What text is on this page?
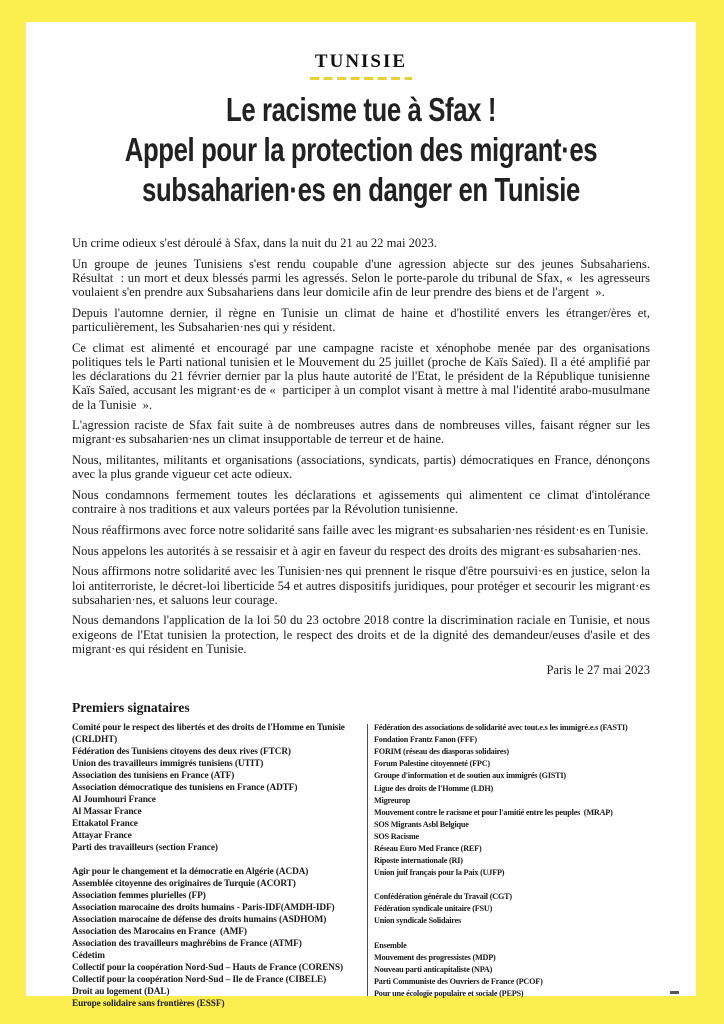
TUNISIE
Le racisme tue à Sfax !
Appel pour la protection des migrant·es
subsaharien·es en danger en Tunisie
Un crime odieux s'est déroulé à Sfax, dans la nuit du 21 au 22 mai 2023.
Un groupe de jeunes Tunisiens s'est rendu coupable d'une agression abjecte sur des jeunes Subsahariens. Résultat  : un mort et deux blessés parmi les agressés. Selon le porte-parole du tribunal de Sfax, «  les agresseurs voulaient s'en prendre aux Subsahariens dans leur domicile afin de leur prendre des biens et de l'argent  ».
Depuis l'automne dernier, il règne en Tunisie un climat de haine et d'hostilité envers les étranger/ères et, particulièrement, les Subsaharien·nes qui y résident.
Ce climat est alimenté et encouragé par une campagne raciste et xénophobe menée par des organisations politiques tels le Parti national tunisien et le Mouvement du 25 juillet (proche de Kaïs Saïed). Il a été amplifié par les déclarations du 21 février dernier par la plus haute autorité de l'Etat, le président de la République tunisienne Kaïs Saïed, accusant les migrant·es de «  participer à un complot visant à mettre à mal l'identité arabo-musulmane de la Tunisie  ».
L'agression raciste de Sfax fait suite à de nombreuses autres dans de nombreuses villes, faisant régner sur les migrant·es subsaharien·nes un climat insupportable de terreur et de haine.
Nous, militantes, militants et organisations (associations, syndicats, partis) démocratiques en France, dénonçons avec la plus grande vigueur cet acte odieux.
Nous condamnons fermement toutes les déclarations et agissements qui alimentent ce climat d'intolérance contraire à nos traditions et aux valeurs portées par la Révolution tunisienne.
Nous réaffirmons avec force notre solidarité sans faille avec les migrant·es subsaharien·nes résident·es en Tunisie.
Nous appelons les autorités à se ressaisir et à agir en faveur du respect des droits des migrant·es subsaharien·nes.
Nous affirmons notre solidarité avec les Tunisien·nes qui prennent le risque d'être poursuivi·es en justice, selon la loi antiterroriste, le décret-loi liberticide 54 et autres dispositifs juridiques, pour protéger et secourir les migrant·es subsaharien·nes, et saluons leur courage.
Nous demandons l'application de la loi 50 du 23 octobre 2018 contre la discrimination raciale en Tunisie, et nous exigeons de l'Etat tunisien la protection, le respect des droits et de la dignité des demandeur/euses d'asile et des migrant·es qui résident en Tunisie.
Paris le 27 mai 2023
Premiers signataires
Comité pour le respect des libertés et des droits de l'Homme en Tunisie (CRLDHT)
Fédération des Tunisiens citoyens des deux rives (FTCR)
Union des travailleurs immigrés tunisiens (UTIT)
Association des tunisiens en France (ATF)
Association démocratique des tunisiens en France (ADTF)
Al Joumhouri France
Al Massar France
Ettakatol France
Attayar France
Parti des travailleurs (section France)
Agir pour le changement et la démocratie en Algérie (ACDA)
Assemblée citoyenne des originaires de Turquie (ACORT)
Association femmes plurielles (FP)
Association marocaine des droits humains - Paris-IDF(AMDH-IDF)
Association marocaine de défense des droits humains (ASDHOM)
Association des Marocains en France  (AMF)
Association des travailleurs maghrébins de France (ATMF)
Cédetim
Collectif pour la coopération Nord-Sud – Hauts de France (CORENS)
Collectif pour la coopération Nord-Sud – Ile de France (CIBELE)
Droit au logement (DAL)
Europe solidaire sans frontières (ESSF)
Fédération des associations de solidarité avec tout.e.s les immigré.e.s (FASTI)
Fondation Frantz Fanon (FFF)
FORIM (réseau des diasporas solidaires)
Forum Palestine citoyenneté (FPC)
Groupe d'information et de soutien aux immigrés (GISTI)
Ligue des droits de l'Homme (LDH)
Migreurop
Mouvement contre le racisme et pour l'amitié entre les peuples  (MRAP)
SOS Migrants Asbl Belgique
SOS Racisme
Réseau Euro Med France (REF)
Riposte internationale (RI)
Union juif français pour la Paix (UJFP)
Confédération générale du Travail (CGT)
Fédération syndicale unitaire (FSU)
Union syndicale Solidaires
Ensemble
Mouvement des progressistes (MDP)
Nouveau parti anticapitaliste (NPA)
Parti Communiste des Ouvriers de France (PCOF)
Pour une écologie populaire et sociale (PEPS)
